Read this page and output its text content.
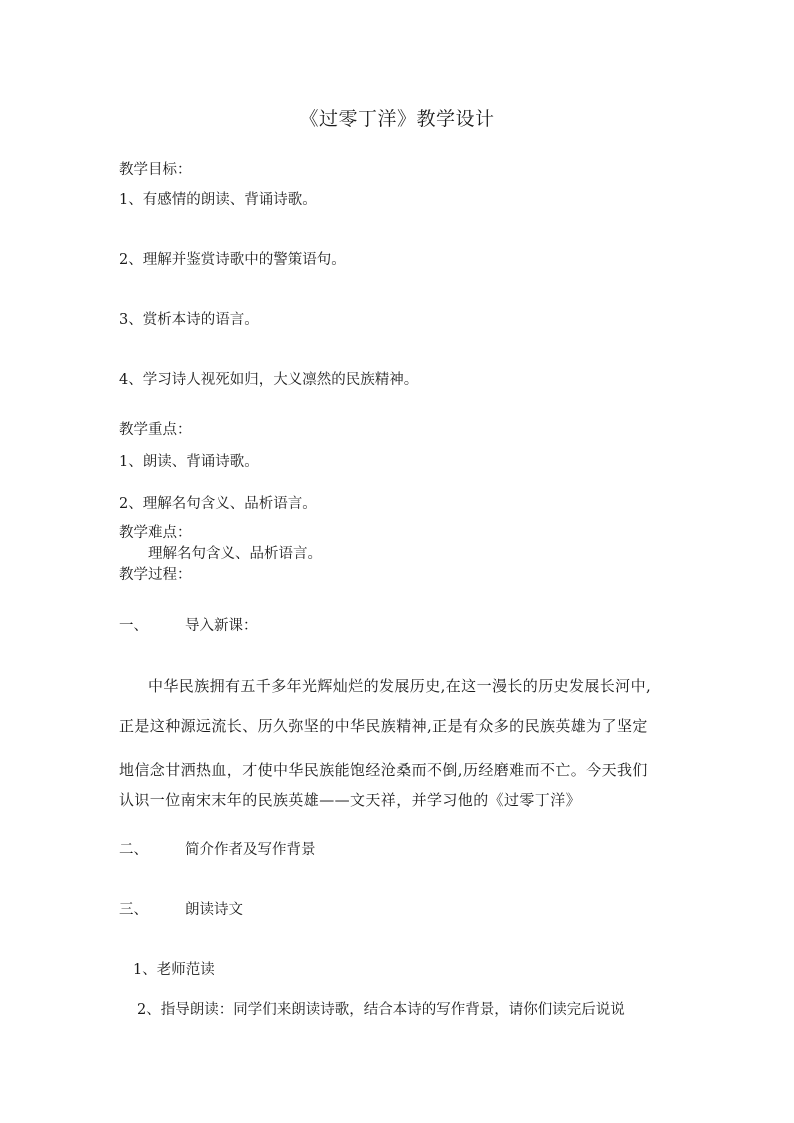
《过零丁洋》教学设计
教学目标：
1、有感情的朗读、背诵诗歌。
2、理解并鉴赏诗歌中的警策语句。
3、赏析本诗的语言。
4、学习诗人视死如归，大义凛然的民族精神。
教学重点：
1、朗读、背诵诗歌。
2、理解名句含义、品析语言。
教学难点：
理解名句含义、品析语言。
教学过程：
一、	导入新课：
中华民族拥有五千多年光辉灿烂的发展历史,在这一漫长的历史发展长河中,
正是这种源远流长、历久弥坚的中华民族精神,正是有众多的民族英雄为了坚定
地信念甘洒热血，才使中华民族能饱经沧桑而不倒,历经磨难而不亡。今天我们
认识一位南宋末年的民族英雄——文天祥，并学习他的《过零丁洋》
二、	简介作者及写作背景
三、	朗读诗文
1、老师范读
2、指导朗读：同学们来朗读诗歌，结合本诗的写作背景，请你们读完后说说
